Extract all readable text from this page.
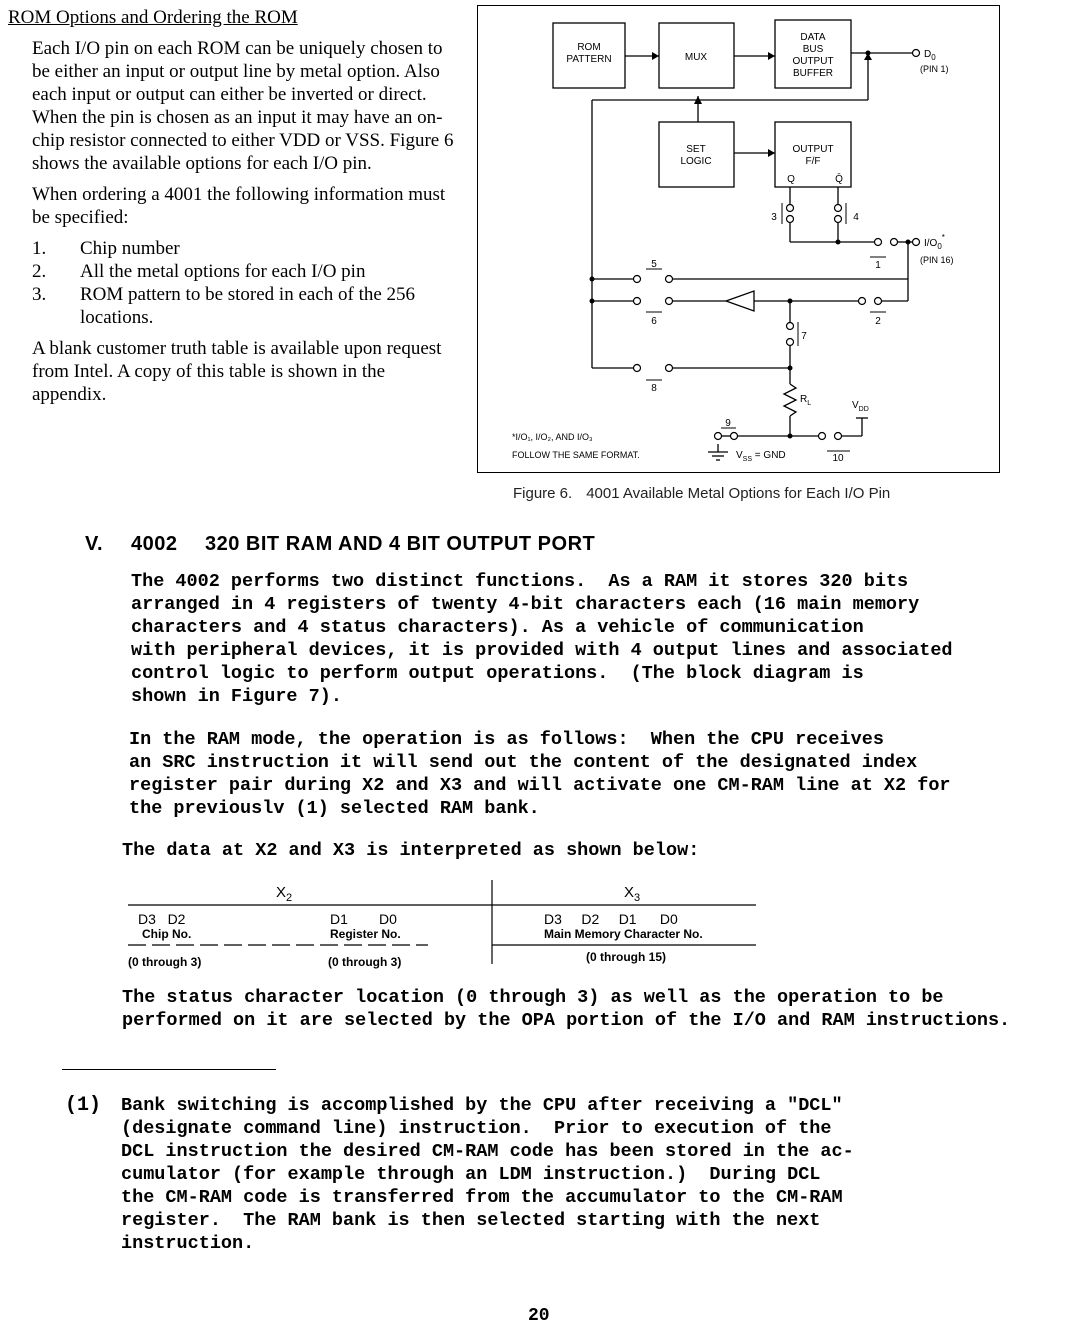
ROM Options and Ordering the ROM

Each I/O pin on each ROM can be uniquely chosen to be either an input or output line by metal option. Also each input or output can either be inverted or direct. When the pin is chosen as an input it may have an on-chip resistor connected to either VDD or VSS. Figure 6 shows the available options for each I/O pin.

When ordering a 4001 the following information must be specified:

1.	Chip number
2.	All the metal options for each I/O pin
3.	ROM pattern to be stored in each of the 256 locations.

A blank customer truth table is available upon request from Intel. A copy of this table is shown in the appendix.

ROM
PATTERN	MUX
DATA
BUS
OUTPUT
BUFFER
SET
LOGIC
OUTPUT
F/F
Q	Q̄
$D_0$
(PIN 1)
$I/O_0^*$
(PIN 16)
1
2
3	4
5
6
7
8
9
10
$R_L$	$V_{DD}$
$V_{SS}$ = GND
*I/O₁, I/O₂, AND I/O₃
FOLLOW THE SAME FORMAT.
Figure 6. 4001 Available Metal Options for Each I/O Pin
V. 4002 320 BIT RAM AND 4 BIT OUTPUT PORT
The 4002 performs two distinct functions.  As a RAM it stores 320 bits
arranged in 4 registers of twenty 4-bit characters each (16 main memory
characters and 4 status characters). As a vehicle of communication
with peripheral devices, it is provided with 4 output lines and associated
control logic to perform output operations.  (The block diagram is
shown in Figure 7).
In the RAM mode, the operation is as follows:  When the CPU receives
an SRC instruction it will send out the content of the designated index
register pair during X2 and X3 and will activate one CM-RAM line at X2 for
the previouslv (1) selected RAM bank.
The data at X2 and X3 is interpreted as shown below:
$X_2$	$X_3$
D3   D2
Chip No.
(0 through 3)
D1        D0
Register No.
(0 through 3)
D3     D2     D1      D0
Main Memory Character No.
(0 through 15)
The status character location (0 through 3) as well as the operation to be
performed on it are selected by the OPA portion of the I/O and RAM instructions.
(1) Bank switching is accomplished by the CPU after receiving a "DCL"
(designate command line) instruction.  Prior to execution of the
DCL instruction the desired CM-RAM code has been stored in the ac-
cumulator (for example through an LDM instruction.)  During DCL
the CM-RAM code is transferred from the accumulator to the CM-RAM
register.  The RAM bank is then selected starting with the next
instruction.
20
